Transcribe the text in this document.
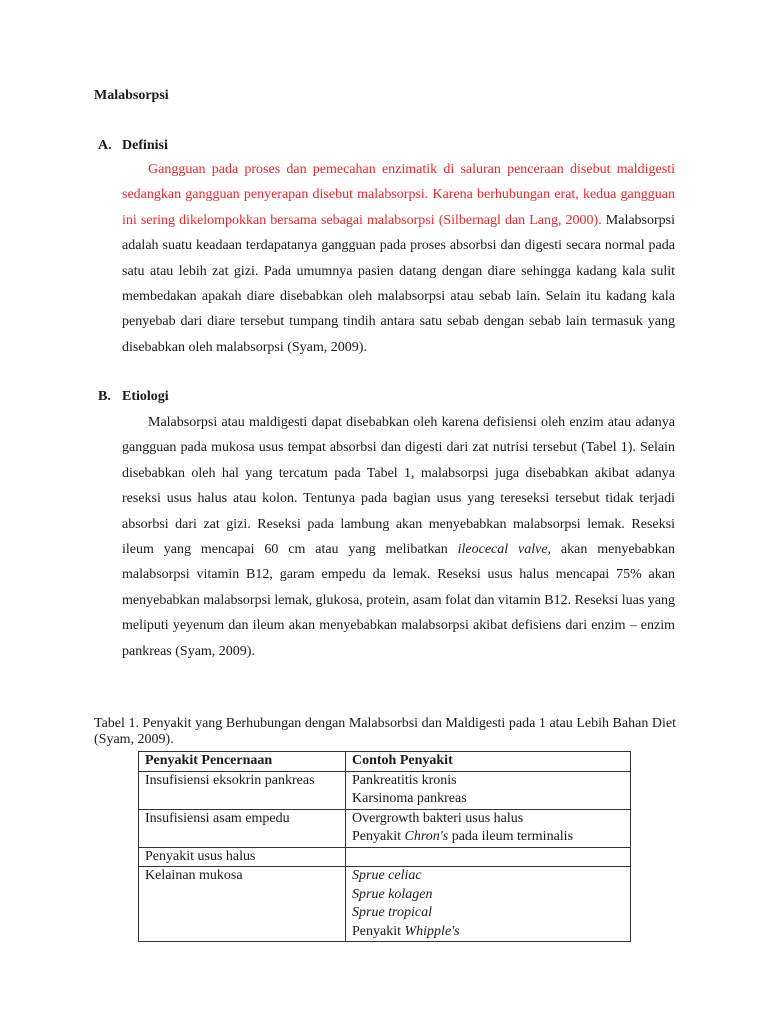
Malabsorpsi
A. Definisi

Gangguan pada proses dan pemecahan enzimatik di saluran penceraan disebut maldigesti sedangkan gangguan penyerapan disebut malabsorpsi. Karena berhubungan erat, kedua gangguan ini sering dikelompokkan bersama sebagai malabsorpsi (Silbernagl dan Lang, 2000). Malabsorpsi adalah suatu keadaan terdapatanya gangguan pada proses absorbsi dan digesti secara normal pada satu atau lebih zat gizi. Pada umumnya pasien datang dengan diare sehingga kadang kala sulit membedakan apakah diare disebabkan oleh malabsorpsi atau sebab lain. Selain itu kadang kala penyebab dari diare tersebut tumpang tindih antara satu sebab dengan sebab lain termasuk yang disebabkan oleh malabsorpsi (Syam, 2009).

B. Etiologi

Malabsorpsi atau maldigesti dapat disebabkan oleh karena defisiensi oleh enzim atau adanya gangguan pada mukosa usus tempat absorbsi dan digesti dari zat nutrisi tersebut (Tabel 1). Selain disebabkan oleh hal yang tercatum pada Tabel 1, malabsorpsi juga disebabkan akibat adanya reseksi usus halus atau kolon. Tentunya pada bagian usus yang tereseksi tersebut tidak terjadi absorbsi dari zat gizi. Reseksi pada lambung akan menyebabkan malabsorpsi lemak. Reseksi ileum yang mencapai 60 cm atau yang melibatkan ileocecal valve, akan menyebabkan malabsorpsi vitamin B12, garam empedu da lemak. Reseksi usus halus mencapai 75% akan menyebabkan malabsorpsi lemak, glukosa, protein, asam folat dan vitamin B12. Reseksi luas yang meliputi yeyenum dan ileum akan menyebabkan malabsorpsi akibat defisiens dari enzim – enzim pankreas (Syam, 2009).

Tabel 1. Penyakit yang Berhubungan dengan Malabsorbsi dan Maldigesti pada 1 atau Lebih Bahan Diet (Syam, 2009).
Penyakit Pencernaan	Contoh Penyakit
Insufisiensi eksokrin pankreas	Pankreatitis kronis
Karsinoma pankreas

Insufisiensi asam empedu	Overgrowth bakteri usus halus
Penyakit Chron's pada ileum terminalis

Penyakit usus halus	

Kelainan mukosa	Sprue celiac
Sprue kolagen
Sprue tropical
Penyakit Whipple's
